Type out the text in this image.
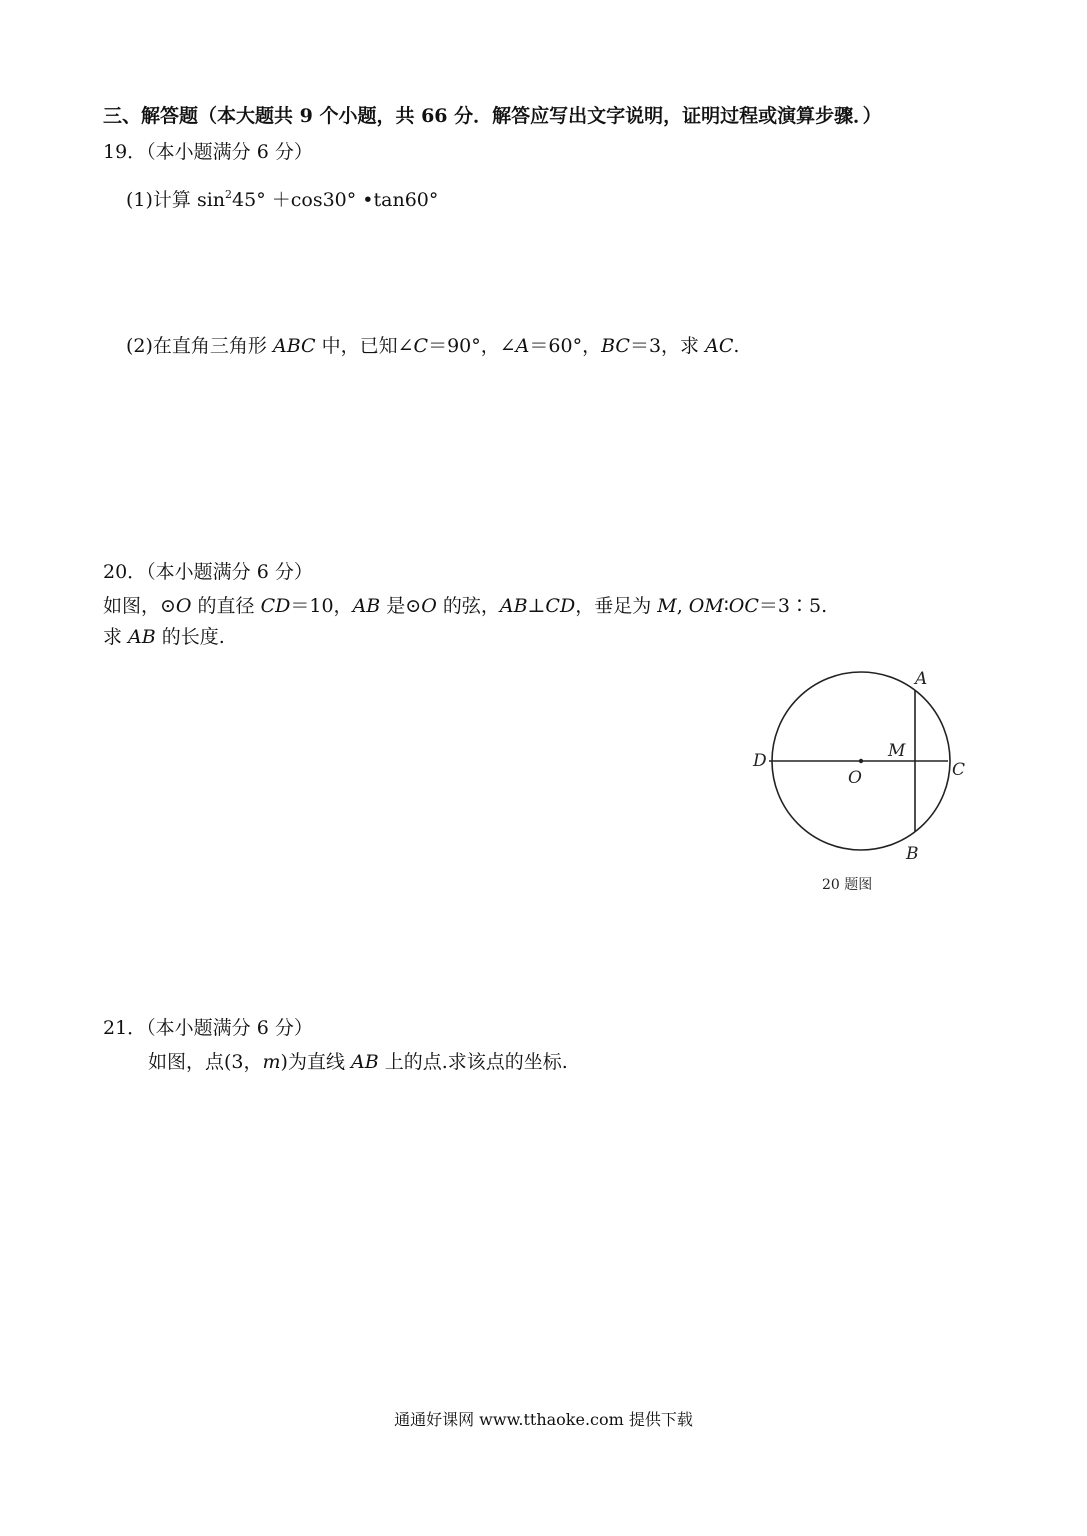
三、解答题（本大题共 9 个小题，共 66 分．解答应写出文字说明，证明过程或演算步骤．）
19．（本小题满分 6 分）
(1)计算 $\sin^245^\circ +\cos 30^\circ$ •tan60°
(2)在直角三角形 ABC 中，已知∠C＝90°，∠A＝60°，BC＝3，求 AC.
20．（本小题满分 6 分）
如图，⊙O 的直径 CD＝10，AB 是⊙O 的弦，AB⊥CD，垂足为 M, OM∶OC＝3∶5.
求 AB 的长度.
A
B
C
D	M
O
20 题图
21．（本小题满分 6 分）
如图，点(3，m)为直线 AB 上的点.求该点的坐标.
通通好课网 www.tthaoke.com 提供下载
